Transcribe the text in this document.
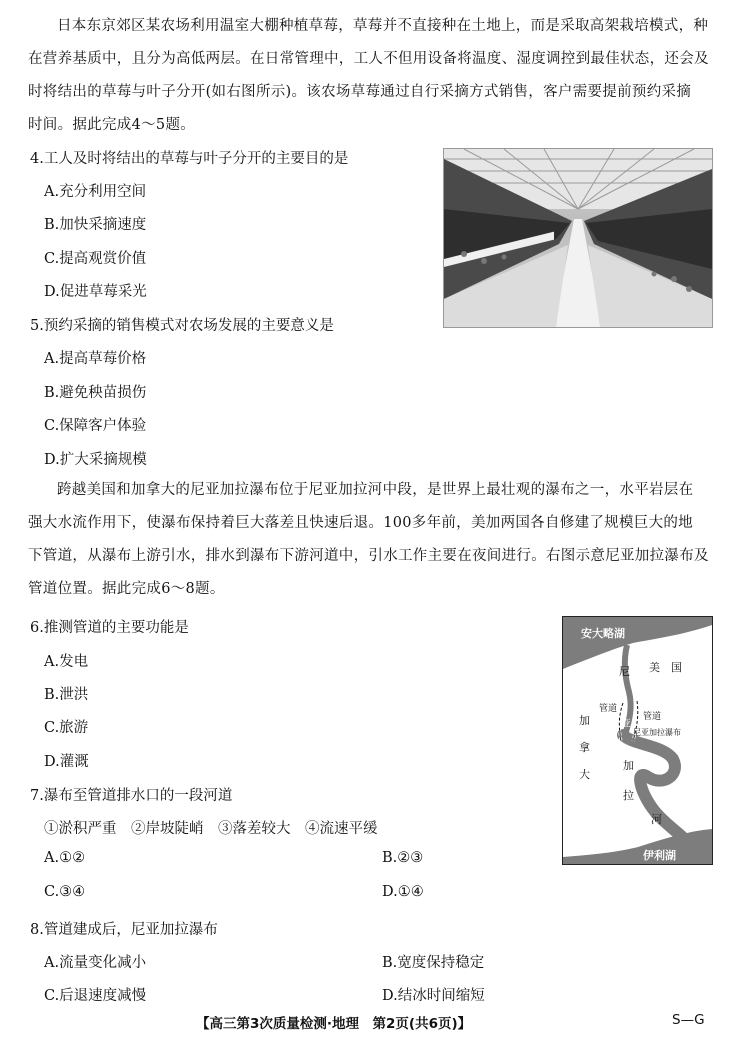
日本东京郊区某农场利用温室大棚种植草莓，草莓并不直接种在土地上，而是采取高架栽培模式，种
在营养基质中，且分为高低两层。在日常管理中，工人不但用设备将温度、湿度调控到最佳状态，还会及
时将结出的草莓与叶子分开(如右图所示)。该农场草莓通过自行采摘方式销售，客户需要提前预约采摘
时间。据此完成4～5题。
4.工人及时将结出的草莓与叶子分开的主要目的是
A.充分利用空间
B.加快采摘速度
C.提高观赏价值
D.促进草莓采光
5.预约采摘的销售模式对农场发展的主要意义是
A.提高草莓价格
B.避免秧苗损伤
C.保障客户体验
D.扩大采摘规模
跨越美国和加拿大的尼亚加拉瀑布位于尼亚加拉河中段，是世界上最壮观的瀑布之一，水平岩层在
强大水流作用下，使瀑布保持着巨大落差且快速后退。100多年前，美加两国各自修建了规模巨大的地
下管道，从瀑布上游引水，排水到瀑布下游河道中，引水工作主要在夜间进行。右图示意尼亚加拉瀑布及
管道位置。据此完成6～8题。
6.推测管道的主要功能是
A.发电
B.泄洪
C.旅游
D.灌溉
安大略湖
伊利湖
美　国
加
拿
大
尼
亚
加
拉
河
管道
管道
尼亚加拉瀑布
7.瀑布至管道排水口的一段河道
①淤积严重　②岸坡陡峭　③落差较大　④流速平缓
A.①②	B.②③
C.③④	D.①④
8.管道建成后，尼亚加拉瀑布
A.流量变化减小	B.宽度保持稳定
C.后退速度减慢	D.结冰时间缩短
【高三第3次质量检测·地理　第2页(共6页)】	S—G
